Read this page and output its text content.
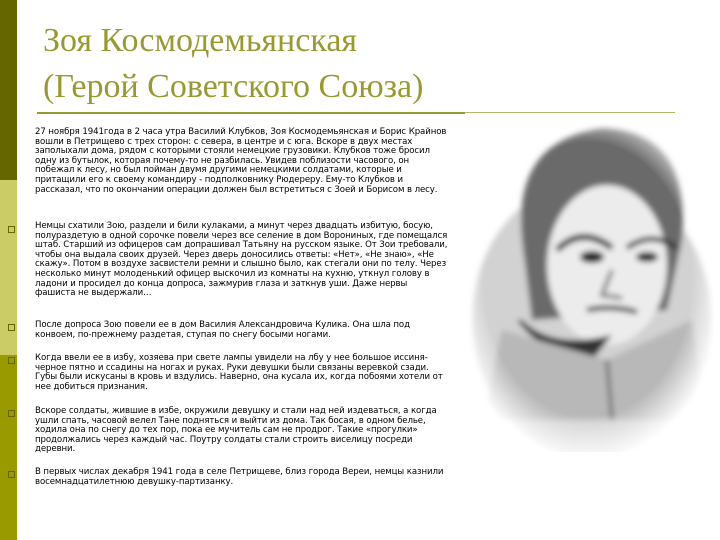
Зоя Космодемьянская
(Герой Советского Союза)

27 ноября 1941года в 2 часа утра Василий Клубков, Зоя Космодемьянская и Борис Крайнов вошли в Петрищево с трех сторон: с севера, в центре и с юга. Вскоре в двух местах заполыхали дома, рядом с которыми стояли немецкие грузовики. Клубков тоже бросил одну из бутылок, которая почему-то не разбилась. Увидев поблизости часового, он побежал к лесу, но был пойман двумя другими немецкими солдатами, которые и притащили его к своему командиру - подполковнику Рюдереру. Ему-то Клубков и рассказал, что по окончании операции должен был встретиться с Зоей и Борисом в лесу.

Немцы схатили Зою, раздели и били кулаками, а минут через двадцать избитую, босую, полураздетую в одной сорочке повели через все селение в дом Ворониных, где помещался штаб. Старший из офицеров сам допрашивал Татьяну на русском языке. От Зои требовали, чтобы она выдала своих друзей. Через дверь доносились ответы: «Нет», «Не знаю», «Не скажу». Потом в воздухе засвистели ремни и слышно было, как стегали они по телу. Через несколько минут молоденький офицер выскочил из комнаты на кухню, уткнул голову в ладони и просидел до конца допроса, зажмурив глаза и заткнув уши. Даже нервы фашиста не выдержали…

После допроса Зою повели ее в дом Василия Александровича Кулика. Она шла под конвоем, по-прежнему раздетая, ступая по снегу босыми ногами.

Когда ввели ее в избу, хозяева при свете лампы увидели на лбу у нее большое иссиня-черное пятно и ссадины на ногах и руках. Руки девушки были связаны веревкой сзади. Губы были искусаны в кровь и вздулись. Наверно, она кусала их, когда побоями хотели от нее добиться признания.

Вскоре солдаты, жившие в избе, окружили девушку и стали над ней издеваться, а когда ушли спать, часовой велел Тане подняться и выйти из дома. Так босая, в одном белье, ходила она по снегу до тех пор, пока ее мучитель сам не продрог. Такие «прогулки» продолжались через каждый час. Поутру солдаты стали строить виселицу посреди деревни.

В первых числах декабря 1941 года в селе Петрищеве, близ города Вереи, немцы казнили восемнадцатилетнюю девушку-партизанку.
